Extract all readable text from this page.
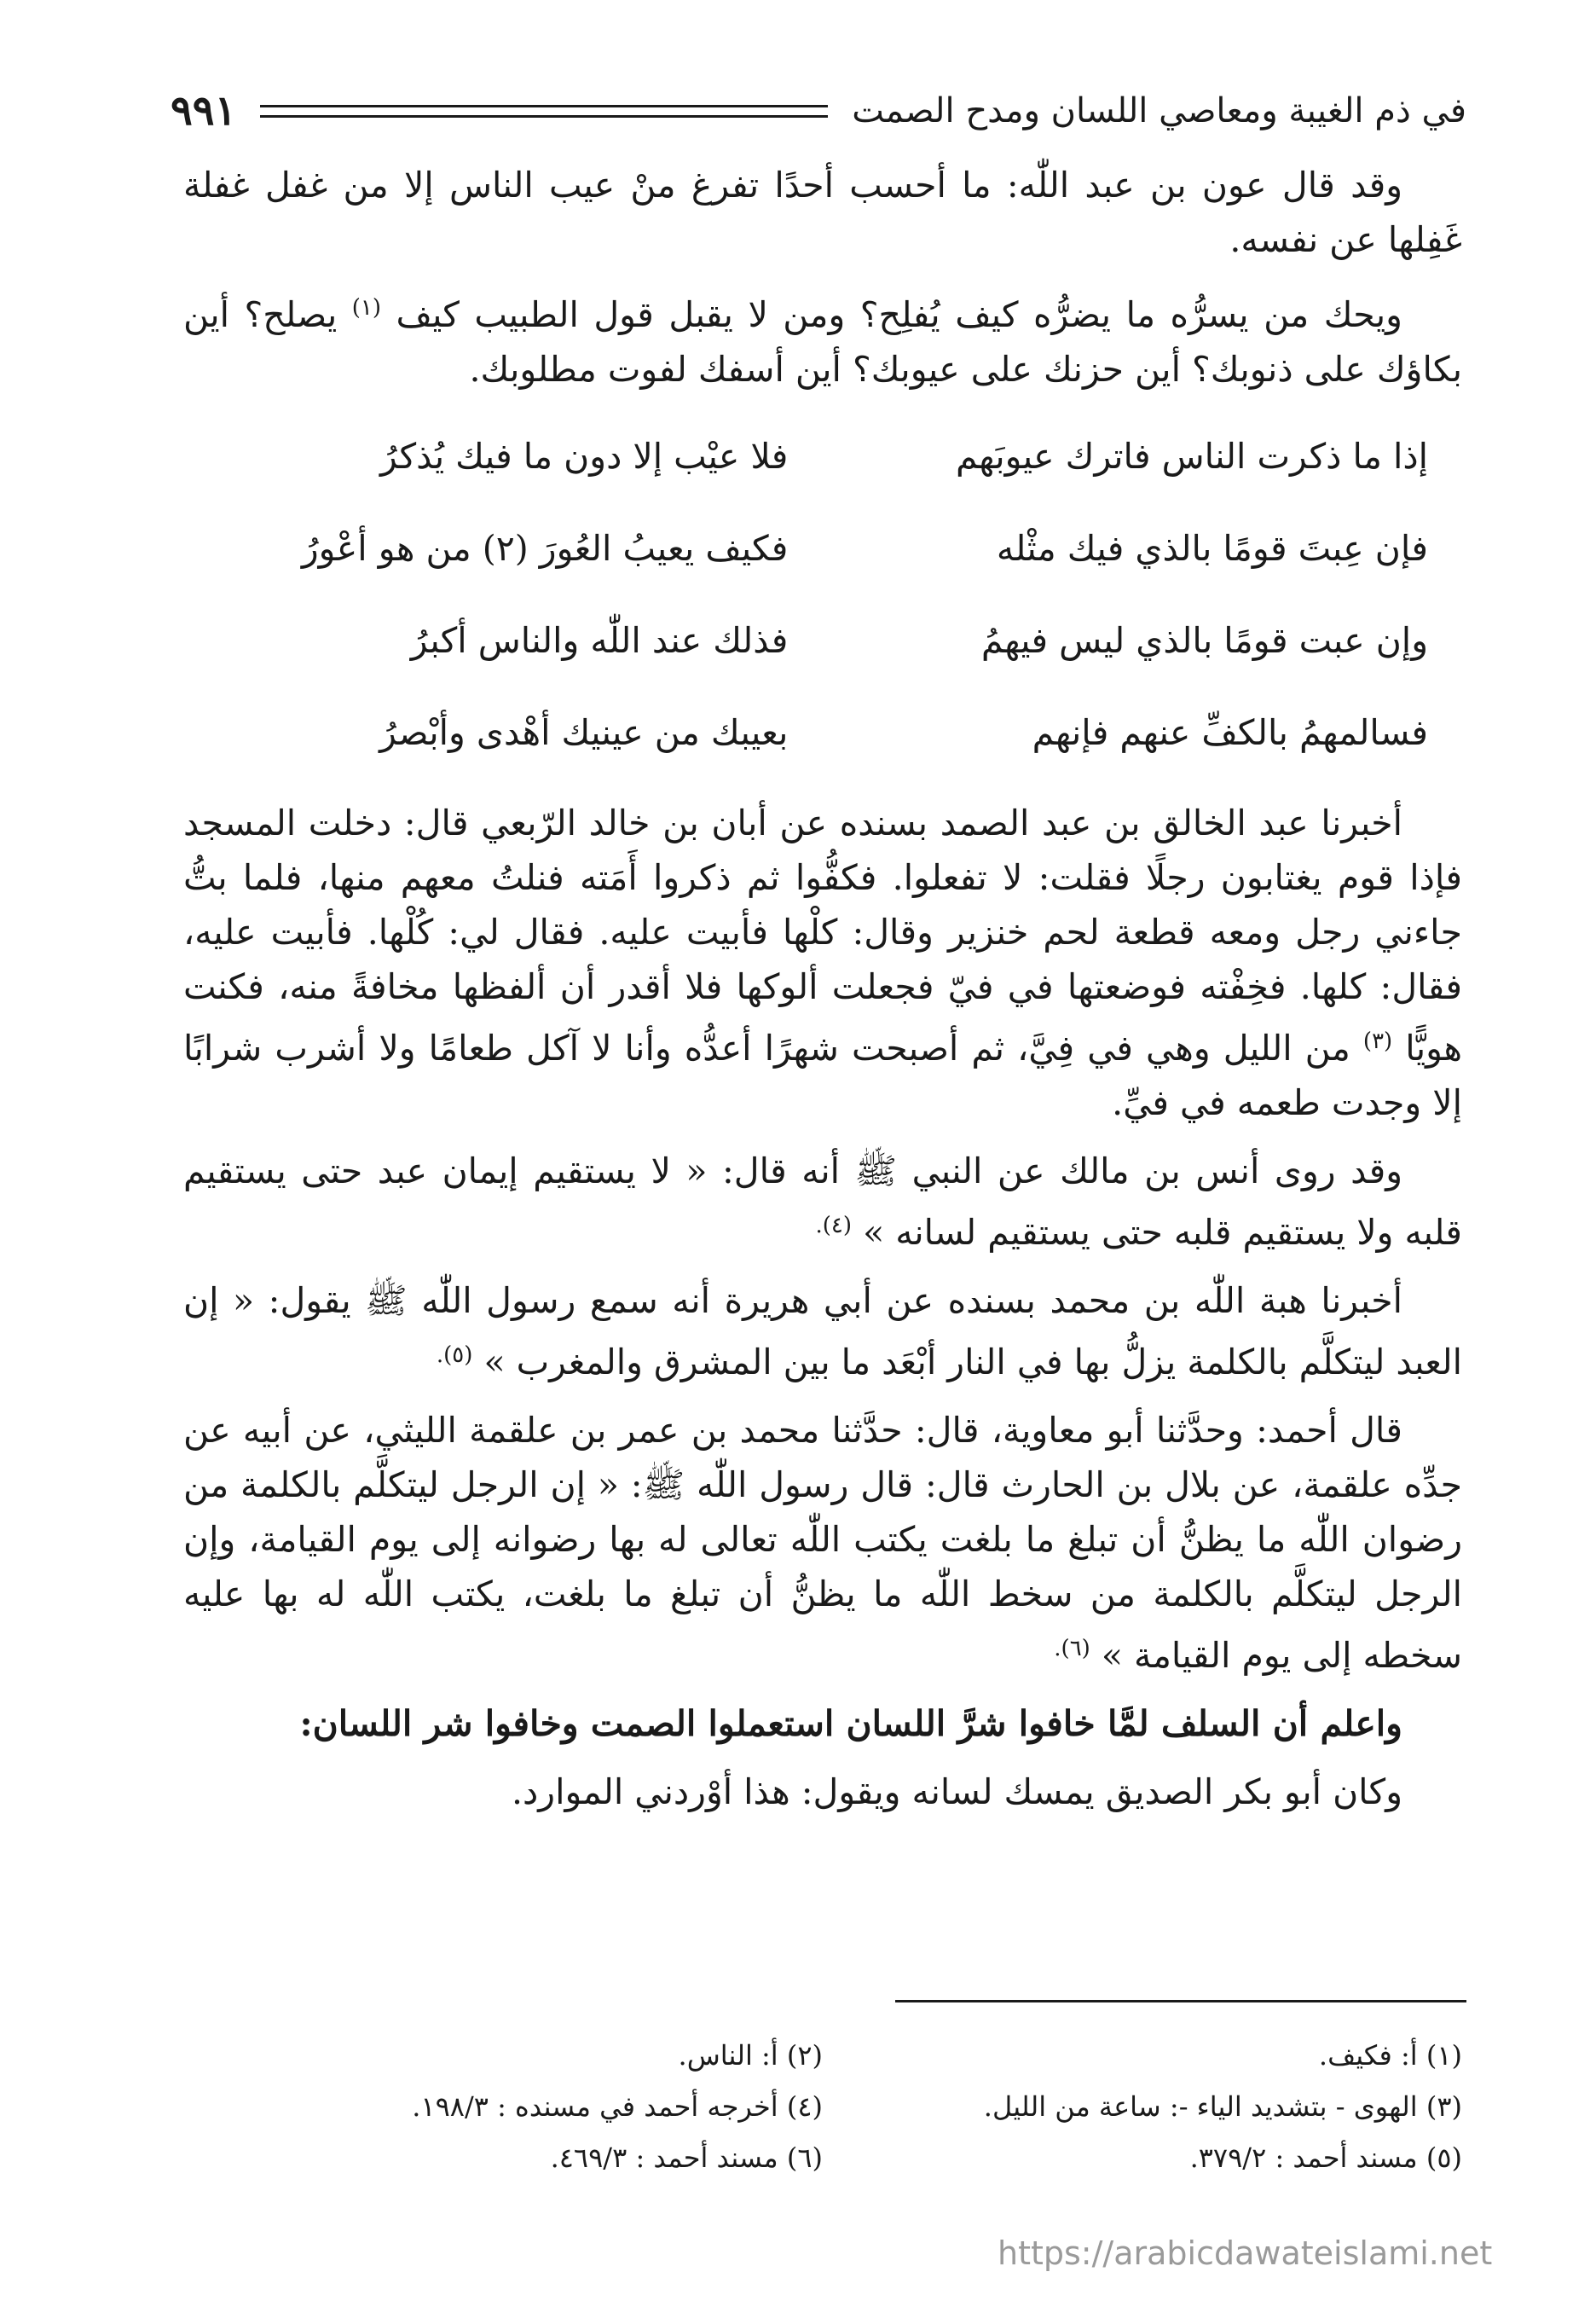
في ذم الغيبة ومعاصي اللسان ومدح الصمت
٩٩١

وقد قال عون بن عبد اللّٰه: ما أحسب أحدًا تفرغ منْ عيب الناس إلا من غفل غفلة غَفِلها عن نفسه.

ويحك من يسرُّه ما يضرُّه كيف يُفلِح؟ ومن لا يقبل قول الطبيب كيف $^{(١)}$ يصلح؟ أين بكاؤك على ذنوبك؟ أين حزنك على عيوبك؟ أين أسفك لفوت مطلوبك.

إذا ما ذكرت الناس فاترك عيوبَهم
فلا عيْب إلا دون ما فيك يُذكرُ
فإن عِبتَ قومًا بالذي فيك مثْله
فكيف يعيبُ العُورَ (٢) من هو أعْورُ
وإن عبت قومًا بالذي ليس فيهمُ
فذلك عند اللّٰه والناس أكبرُ
فسالمهمُ بالكفِّ عنهم فإنهم
بعيبك من عينيك أهْدى وأبْصرُ

أخبرنا عبد الخالق بن عبد الصمد بسنده عن أبان بن خالد الرّبعي قال: دخلت المسجد فإذا قوم يغتابون رجلًا فقلت: لا تفعلوا. فكفُّوا ثم ذكروا أَمَته فنلتُ معهم منها، فلما بتُّ جاءني رجل ومعه قطعة لحم خنزير وقال: كلْها فأبيت عليه. فقال لي: كُلْها. فأبيت عليه، فقال: كلها. فخِفْته فوضعتها في فيّ فجعلت ألوكها فلا أقدر أن ألفظها مخافةً منه، فكنت هويًّا $^{(٣)}$ من الليل وهي في فِيَّ، ثم أصبحت شهرًا أعدُّه وأنا لا آكل طعامًا ولا أشرب شرابًا إلا وجدت طعمه في فيِّ.

وقد روى أنس بن مالك عن النبي ﷺ أنه قال: « لا يستقيم إيمان عبد حتى يستقيم قلبه ولا يستقيم قلبه حتى يستقيم لسانه » $^{(٤).}$

أخبرنا هبة اللّٰه بن محمد بسنده عن أبي هريرة أنه سمع رسول اللّٰه ﷺ يقول: « إن العبد ليتكلَّم بالكلمة يزلُّ بها في النار أبْعَد ما بين المشرق والمغرب » $^{(٥).}$

قال أحمد: وحدَّثنا أبو معاوية، قال: حدَّثنا محمد بن عمر بن علقمة الليثي، عن أبيه عن جدِّه علقمة، عن بلال بن الحارث قال: قال رسول اللّٰه ﷺ: « إن الرجل ليتكلَّم بالكلمة من رضوان اللّٰه ما يظنُّ أن تبلغ ما بلغت يكتب اللّٰه تعالى له بها رضوانه إلى يوم القيامة، وإن الرجل ليتكلَّم بالكلمة من سخط اللّٰه ما يظنُّ أن تبلغ ما بلغت، يكتب اللّٰه له بها عليه سخطه إلى يوم القيامة » $^{(٦).}$

واعلم أن السلف لمَّا خافوا شرَّ اللسان استعملوا الصمت وخافوا شر اللسان:

وكان أبو بكر الصديق يمسك لسانه ويقول: هذا أوْردني الموارد.

(١) أ: فكيف.
(٢) أ: الناس.
(٣) الهوى - بتشديد الياء -: ساعة من الليل.
(٤) أخرجه أحمد في مسنده : ١٩٨/٣.
(٥) مسند أحمد : ٣٧٩/٢.
(٦) مسند أحمد : ٤٦٩/٣.
https://arabicdawateislami.net
